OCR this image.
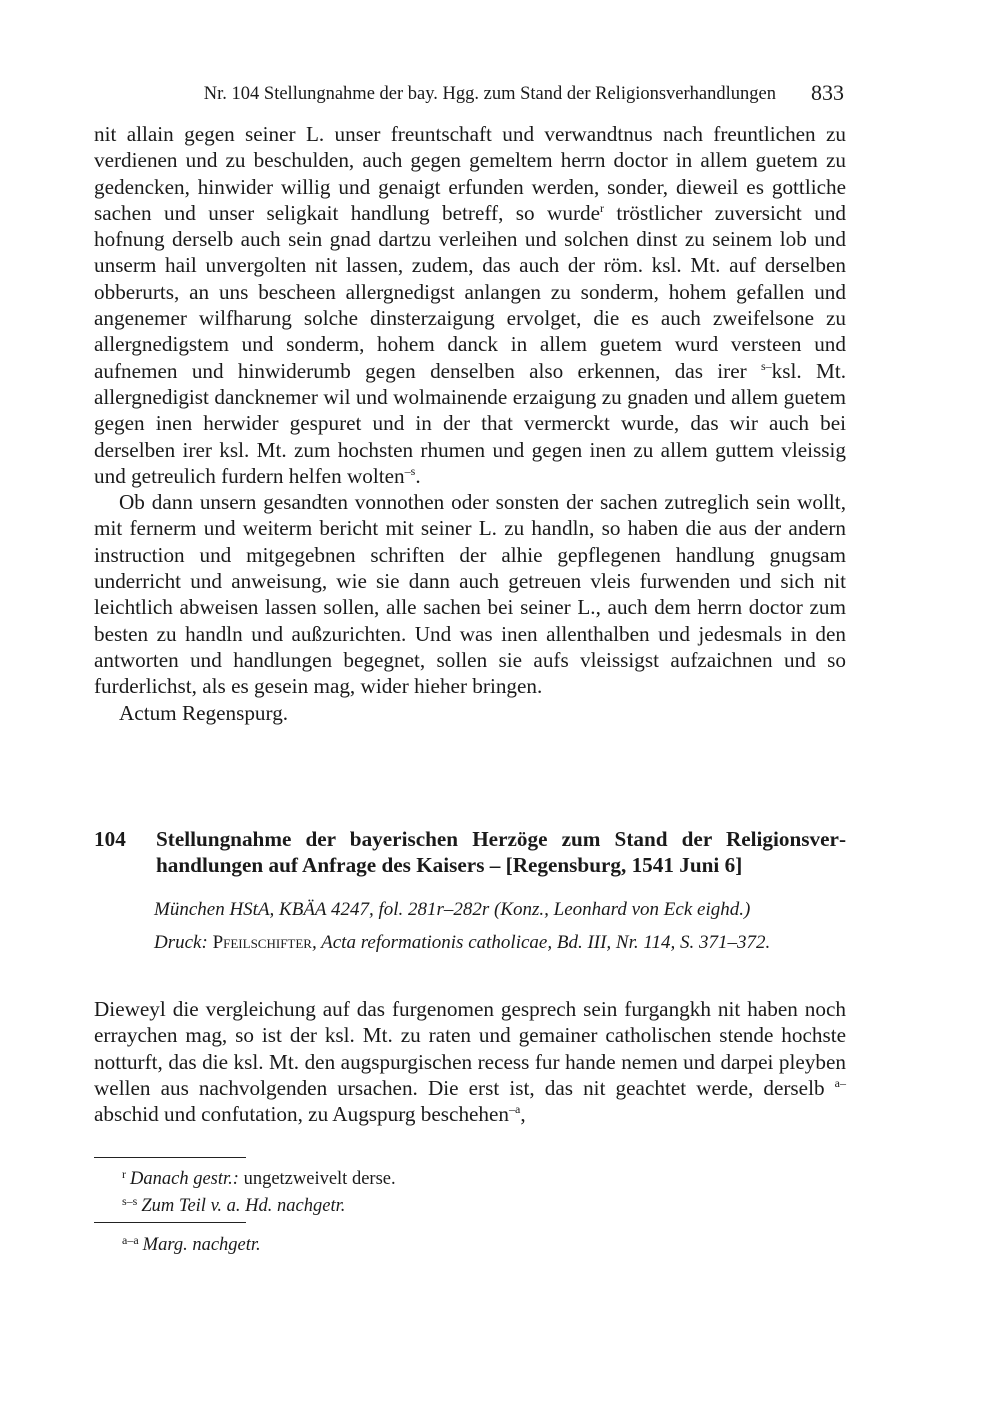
Nr. 104 Stellungnahme der bay. Hgg. zum Stand der Religionsverhandlungen 833

nit allain gegen seiner L. unser freuntschaft und verwandtnus nach freuntlichen zu verdienen und zu beschulden, auch gegen gemeltem herrn doctor in allem guetem zu gedencken, hinwider willig und genaigt erfunden werden, sonder, dieweil es gottliche sachen und unser seligkait handlung betreff, so wurde$^r$ tröstlicher zuversicht und hofnung derselb auch sein gnad dartzu verleihen und solchen dinst zu seinem lob und unserm hail unvergolten nit lassen, zudem, das auch der röm. ksl. Mt. auf derselben obberurts, an uns bescheen allergnedigst anlangen zu sonderm, hohem gefallen und angenemer wilfharung solche dinsterzaigung ervolget, die es auch zweifelsone zu allergnedigstem und sonderm, hohem danck in allem guetem wurd versteen und aufnemen und hinwiderumb gegen denselben also erkennen, das irer $^{s-}$ksl. Mt. allergnedigist dancknemer wil und wolmainende erzaigung zu gnaden und allem guetem gegen inen herwider gespuret und in der that vermerckt wurde, das wir auch bei derselben irer ksl. Mt. zum hochsten rhumen und gegen inen zu allem guttem vleissig und getreulich furdern helfen wolten$^{-s}$.

Ob dann unsern gesandten vonnothen oder sonsten der sachen zutreglich sein wollt, mit fernerm und weiterm bericht mit seiner L. zu handln, so haben die aus der andern instruction und mitgegebnen schriften der alhie gepflegenen handlung gnugsam underricht und anweisung, wie sie dann auch getreuen vleis furwenden und sich nit leichtlich abweisen lassen sollen, alle sachen bei seiner L., auch dem herrn doctor zum besten zu handln und außzurichten. Und was inen allenthalben und jedesmals in den antworten und handlungen begegnet, sollen sie aufs vleissigst aufzaichnen und so furderlichst, als es gesein mag, wider hieher bringen.

Actum Regenspurg.

104 Stellungnahme der bayerischen Herzöge zum Stand der Religionsverhandlungen auf Anfrage des Kaisers – [Regensburg, 1541 Juni 6]

München HStA, KBÄA 4247, fol. 281r–282r (Konz., Leonhard von Eck eighd.)

Druck: Pfeilschifter, Acta reformationis catholicae, Bd. III, Nr. 114, S. 371–372.

Dieweyl die vergleichung auf das furgenomen gesprech sein furgangkh nit haben noch erraychen mag, so ist der ksl. Mt. zu raten und gemainer catholischen stende hochste notturft, das die ksl. Mt. den augspurgischen recess fur hande nemen und darpei pleyben wellen aus nachvolgenden ursachen. Die erst ist, das nit geachtet werde, derselb $^{a-}$abschid und confutation, zu Augspurg beschehen$^{-a}$,

$^r$ Danach gestr.: ungetzweivelt derse.
$^{s-s}$ Zum Teil v. a. Hd. nachgetr.
$^{a-a}$ Marg. nachgetr.
